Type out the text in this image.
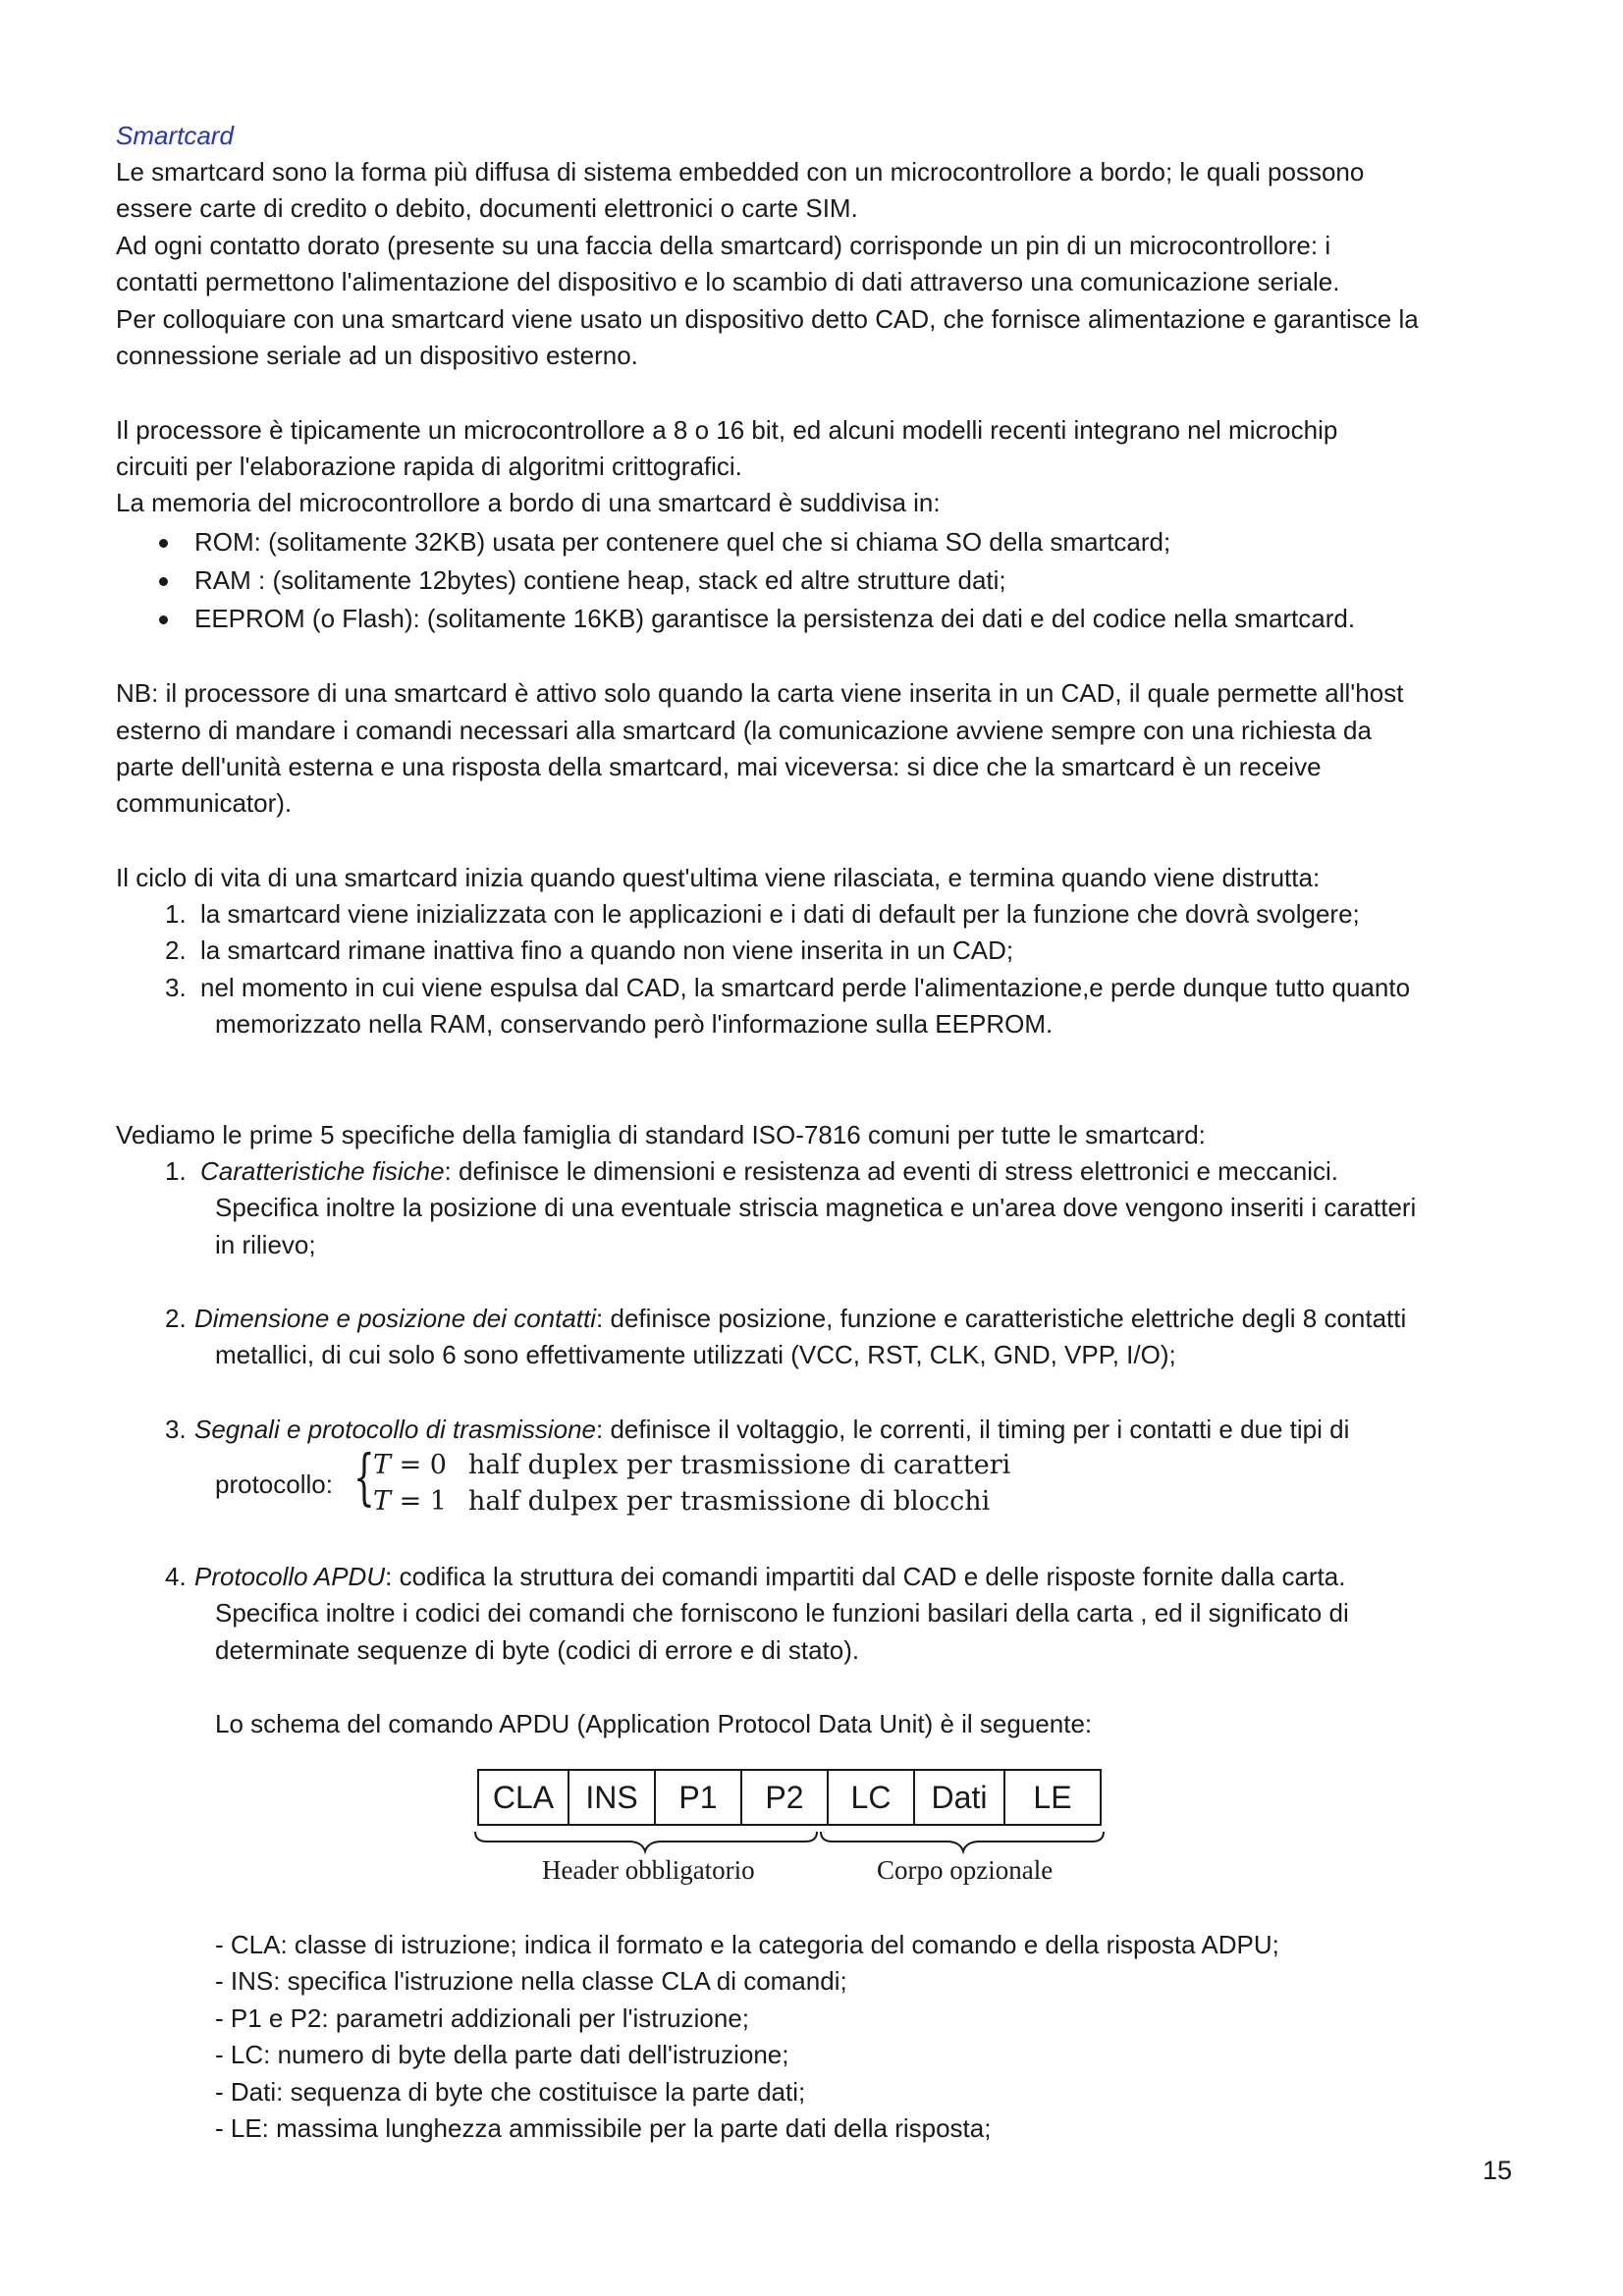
Smartcard
Le smartcard sono la forma più diffusa di sistema embedded con un microcontrollore a bordo; le quali possono
essere carte di credito o debito, documenti elettronici o carte SIM.
Ad ogni contatto dorato (presente su una faccia della smartcard) corrisponde un pin di un microcontrollore: i
contatti permettono l'alimentazione del dispositivo e lo scambio di dati attraverso una comunicazione seriale.
Per colloquiare con una smartcard viene usato un dispositivo detto CAD, che fornisce alimentazione e garantisce la
connessione seriale ad un dispositivo esterno.
Il processore è tipicamente un microcontrollore a 8 o 16 bit, ed alcuni modelli recenti integrano nel microchip
circuiti per l'elaborazione rapida di algoritmi crittografici.
La memoria del microcontrollore a bordo di una smartcard è suddivisa in:
ROM: (solitamente 32KB) usata per contenere quel che si chiama SO della smartcard;
RAM : (solitamente 12bytes) contiene heap, stack ed altre strutture dati;
EEPROM (o Flash): (solitamente 16KB) garantisce la persistenza dei dati e del codice nella smartcard.
NB: il processore di una smartcard è attivo solo quando la carta viene inserita in un CAD, il quale permette all'host
esterno di mandare i comandi necessari alla smartcard (la comunicazione avviene sempre con una richiesta da
parte dell'unità esterna e una risposta della smartcard, mai viceversa: si dice che la smartcard è un receive
communicator).
Il ciclo di vita di una smartcard inizia quando quest'ultima viene rilasciata, e termina quando viene distrutta:
1. la smartcard viene inizializzata con le applicazioni e i dati di default per la funzione che dovrà svolgere;
2. la smartcard rimane inattiva fino a quando non viene inserita in un CAD;
3. nel momento in cui viene espulsa dal CAD, la smartcard perde l'alimentazione,e perde dunque tutto quanto
memorizzato nella RAM, conservando però l'informazione sulla EEPROM.
Vediamo le prime 5 specifiche della famiglia di standard ISO-7816 comuni per tutte le smartcard:
1. Caratteristiche fisiche: definisce le dimensioni e resistenza ad eventi di stress elettronici e meccanici.
Specifica inoltre la posizione di una eventuale striscia magnetica e un'area dove vengono inseriti i caratteri
in rilievo;
2. Dimensione e posizione dei contatti: definisce posizione, funzione e caratteristiche elettriche degli 8 contatti
metallici, di cui solo 6 sono effettivamente utilizzati (VCC, RST, CLK, GND, VPP, I/O);
3. Segnali e protocollo di trasmissione: definisce il voltaggio, le correnti, il timing per i contatti e due tipi di
protocollo: {
T = 0 half duplex per trasmissione di caratteri
T = 1 half dulpex per trasmissione di blocchi
4. Protocollo APDU: codifica la struttura dei comandi impartiti dal CAD e delle risposte fornite dalla carta.
Specifica inoltre i codici dei comandi che forniscono le funzioni basilari della carta , ed il significato di
determinate sequenze di byte (codici di errore e di stato).
Lo schema del comando APDU (Application Protocol Data Unit) è il seguente:
CLA	INS	P1	P2	LC	Dati	LE
Header obbligatorio	Corpo opzionale
- CLA: classe di istruzione; indica il formato e la categoria del comando e della risposta ADPU;
- INS: specifica l'istruzione nella classe CLA di comandi;
- P1 e P2: parametri addizionali per l'istruzione;
- LC: numero di byte della parte dati dell'istruzione;
- Dati: sequenza di byte che costituisce la parte dati;
- LE: massima lunghezza ammissibile per la parte dati della risposta;
15
